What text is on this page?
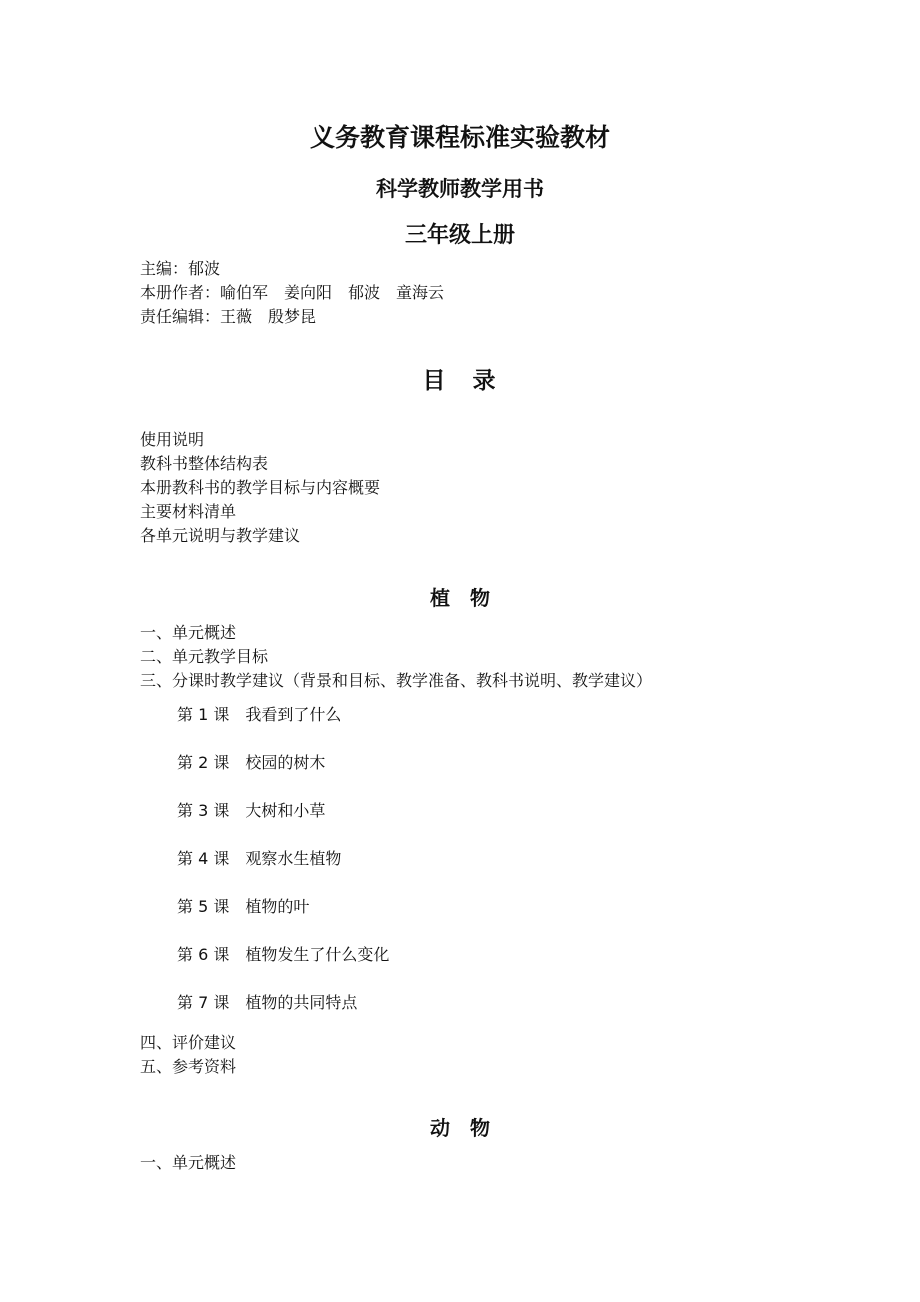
义务教育课程标准实验教材
科学教师教学用书
三年级上册
主编：郁波
本册作者：喻伯军　姜向阳　郁波　童海云
责任编辑：王薇　殷梦昆
目　录
使用说明
教科书整体结构表
本册教科书的教学目标与内容概要
主要材料清单
各单元说明与教学建议
植　物
一、单元概述
二、单元教学目标
三、分课时教学建议（背景和目标、教学准备、教科书说明、教学建议）
第 1 课　我看到了什么
第 2 课　校园的树木
第 3 课　大树和小草
第 4 课　观察水生植物
第 5 课　植物的叶
第 6 课　植物发生了什么变化
第 7 课　植物的共同特点
四、评价建议
五、参考资料
动　物
一、单元概述
